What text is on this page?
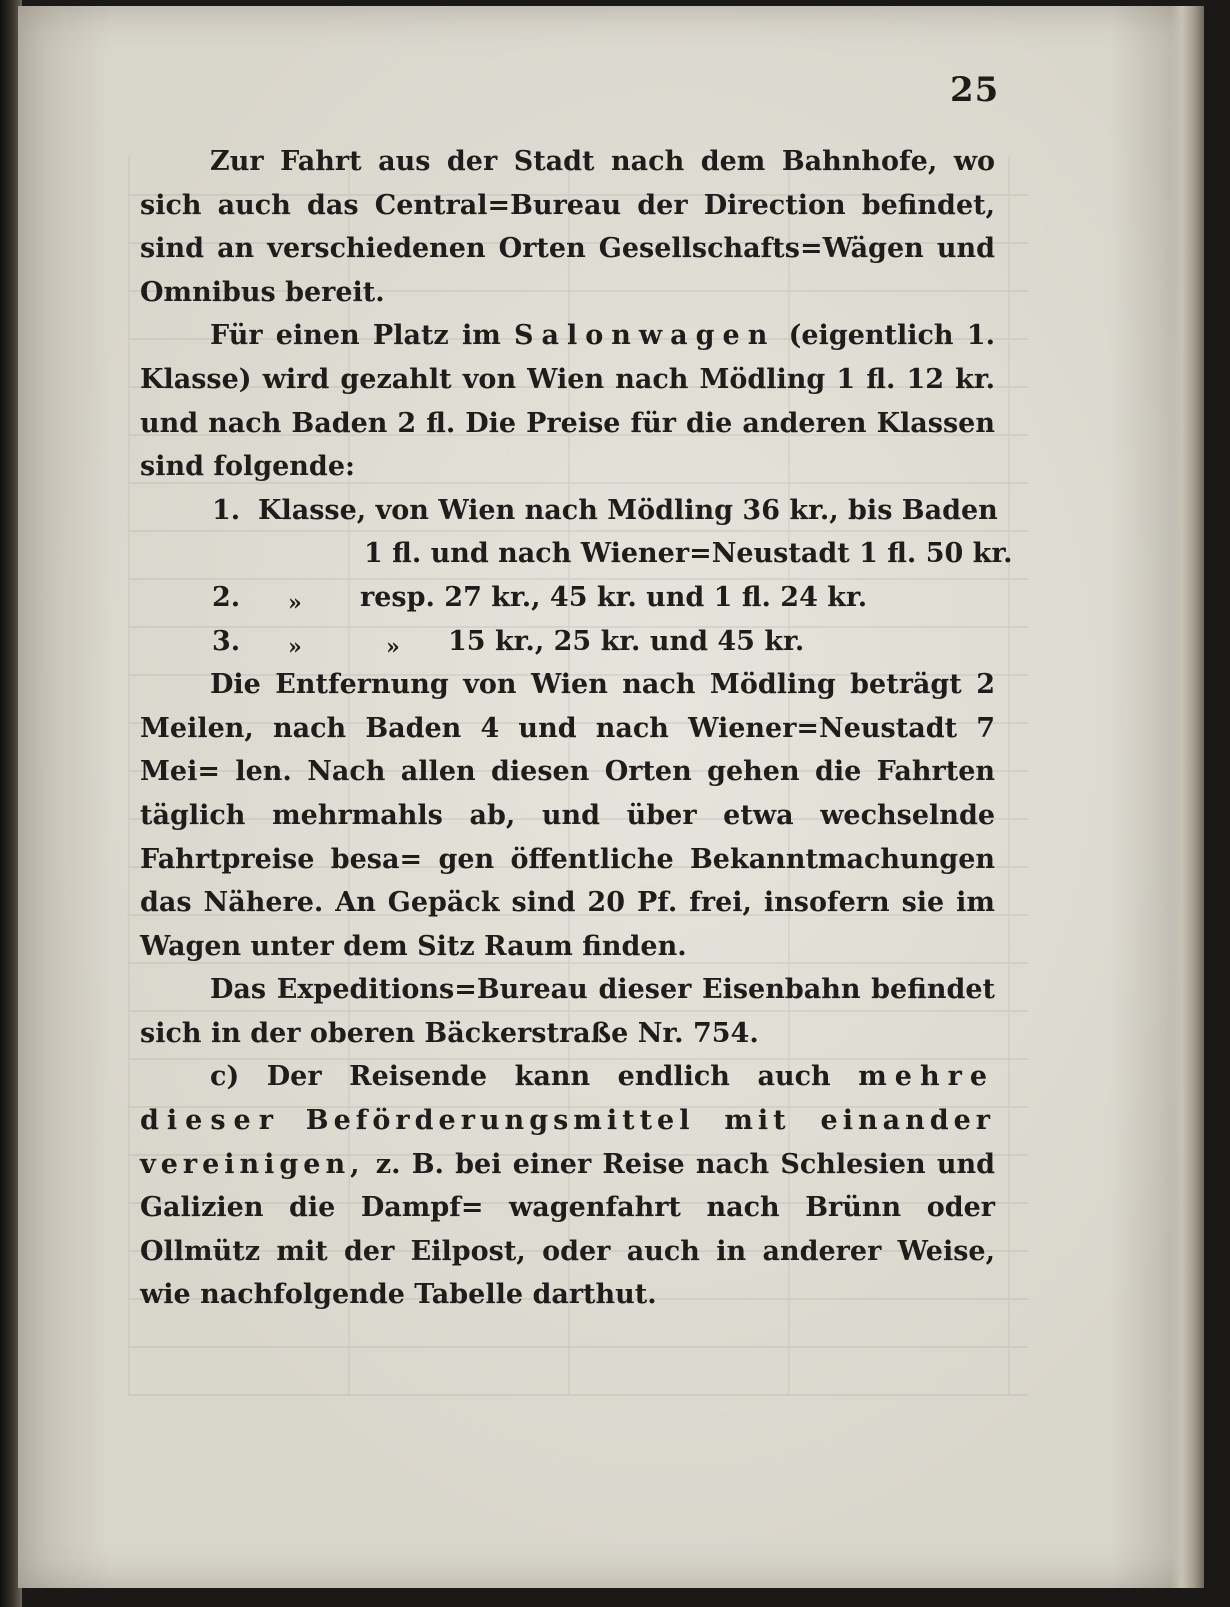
25

Zur Fahrt aus der Stadt nach dem Bahnhofe, wo sich auch das Central=Bureau der Direction befindet, sind an verschiedenen Orten Gesellschafts=Wägen und Omnibus bereit.

Für einen Platz im Salonwagen (eigentlich 1. Klasse) wird gezahlt von Wien nach Mödling 1 fl. 12 kr. und nach Baden 2 fl. Die Preise für die anderen Klassen sind folgende:

1. Klasse, von Wien nach Mödling 36 kr., bis Baden
1 fl. und nach Wiener=Neustadt 1 fl. 50 kr.
2. » resp. 27 kr., 45 kr. und 1 fl. 24 kr.
3. »	» 15 kr., 25 kr. und 45 kr.

Die Entfernung von Wien nach Mödling beträgt 2 Meilen, nach Baden 4 und nach Wiener=Neustadt 7 Mei= len. Nach allen diesen Orten gehen die Fahrten täglich mehrmahls ab, und über etwa wechselnde Fahrtpreise besa= gen öffentliche Bekanntmachungen das Nähere. An Gepäck sind 20 Pf. frei, insofern sie im Wagen unter dem Sitz Raum finden.

Das Expeditions=Bureau dieser Eisenbahn befindet sich in der oberen Bäckerstraße Nr. 754.

c) Der Reisende kann endlich auch mehre dieser Beförderungsmittel mit einander vereinigen, z. B. bei einer Reise nach Schlesien und Galizien die Dampf= wagenfahrt nach Brünn oder Ollmütz mit der Eilpost, oder auch in anderer Weise, wie nachfolgende Tabelle darthut.
